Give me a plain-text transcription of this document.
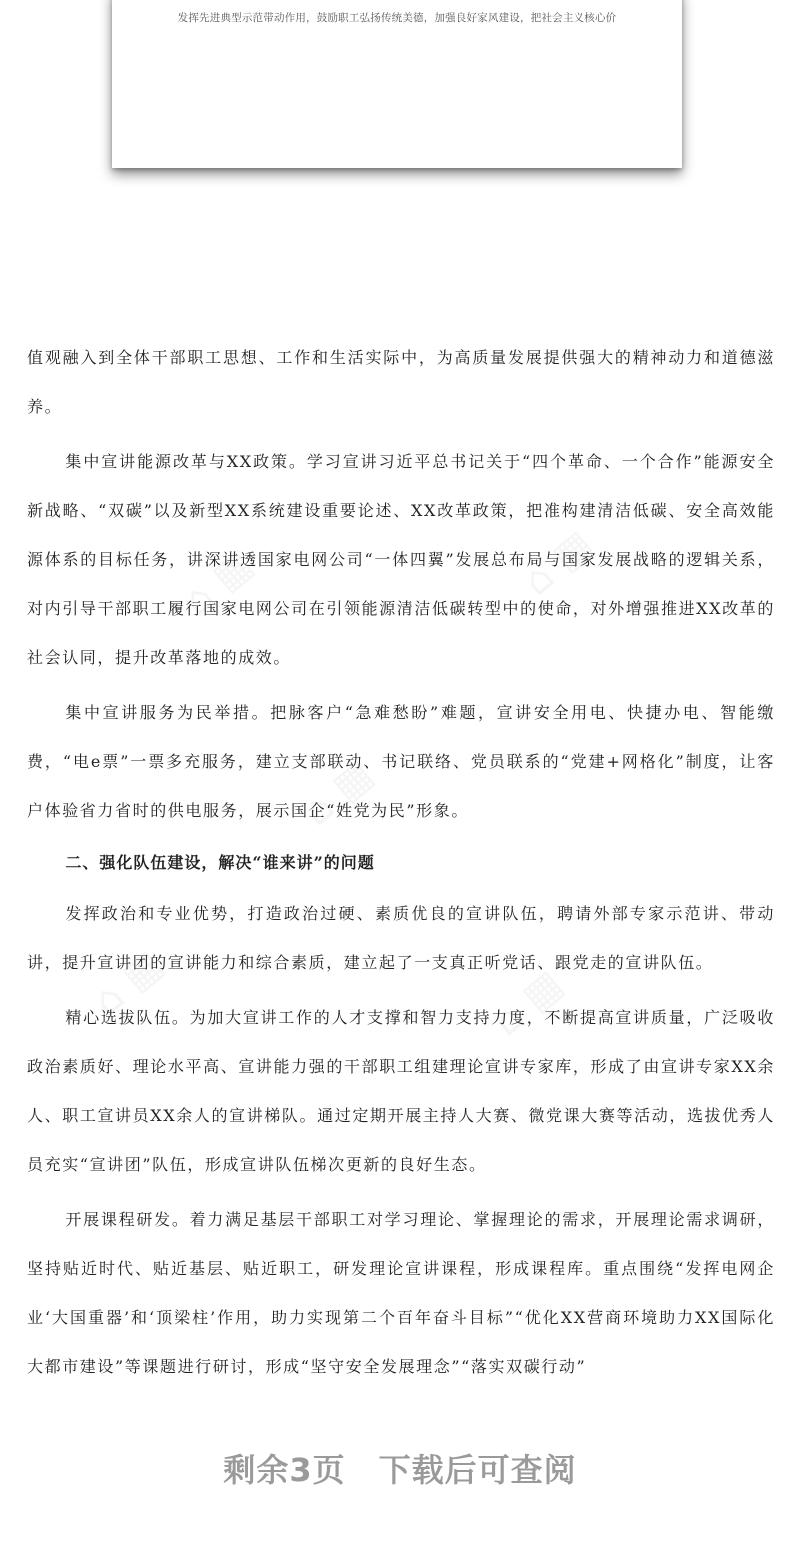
发挥先进典型示范带动作用，鼓励职工弘扬传统美德，加强良好家风建设，把社会主义核心价

值观融入到全体干部职工思想、工作和生活实际中，为高质量发展提供强大的精神动力和道德滋养。

集中宣讲能源改革与XX政策。学习宣讲习近平总书记关于“四个革命、一个合作”能源安全新战略、“双碳”以及新型XX系统建设重要论述、XX改革政策，把准构建清洁低碳、安全高效能源体系的目标任务，讲深讲透国家电网公司“一体四翼”发展总布局与国家发展战略的逻辑关系，对内引导干部职工履行国家电网公司在引领能源清洁低碳转型中的使命，对外增强推进XX改革的社会认同，提升改革落地的成效。

集中宣讲服务为民举措。把脉客户“急难愁盼”难题，宣讲安全用电、快捷办电、智能缴费，“电e票”一票多充服务，建立支部联动、书记联络、党员联系的“党建+网格化”制度，让客户体验省力省时的供电服务，展示国企“姓党为民”形象。

二、强化队伍建设，解决“谁来讲”的问题

发挥政治和专业优势，打造政治过硬、素质优良的宣讲队伍，聘请外部专家示范讲、带动讲，提升宣讲团的宣讲能力和综合素质，建立起了一支真正听党话、跟党走的宣讲队伍。

精心选拔队伍。为加大宣讲工作的人才支撑和智力支持力度，不断提高宣讲质量，广泛吸收政治素质好、理论水平高、宣讲能力强的干部职工组建理论宣讲专家库，形成了由宣讲专家XX余人、职工宣讲员XX余人的宣讲梯队。通过定期开展主持人大赛、微党课大赛等活动，选拔优秀人员充实“宣讲团”队伍，形成宣讲队伍梯次更新的良好生态。

开展课程研发。着力满足基层干部职工对学习理论、掌握理论的需求，开展理论需求调研，坚持贴近时代、贴近基层、贴近职工，研发理论宣讲课程，形成课程库。重点围绕“发挥电网企业‘大国重器’和‘顶梁柱’作用，助力实现第二个百年奋斗目标”“优化XX营商环境助力XX国际化大都市建设”等课题进行研讨，形成“坚守安全发展理念”“落实双碳行动”

剩余3页　下载后可查阅
